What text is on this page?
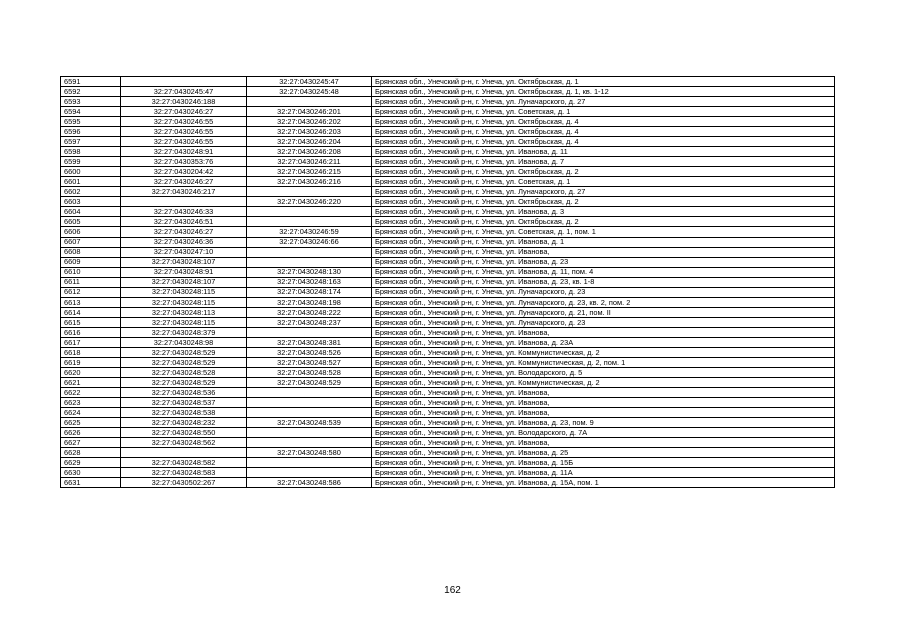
6591		32:27:0430245:47	Брянская обл., Унечский р-н, г. Унеча, ул. Октябрьская, д. 1
6592	32:27:0430245:47	32:27:0430245:48	Брянская обл., Унечский р-н, г. Унеча, ул. Октябрьская, д. 1, кв. 1-12
6593	32:27:0430246:188		Брянская обл., Унечский р-н, г. Унеча, ул. Луначарского, д. 27
6594	32:27:0430246:27	32:27:0430246:201	Брянская обл., Унечский р-н, г. Унеча, ул. Советская, д. 1
6595	32:27:0430246:55	32:27:0430246:202	Брянская обл., Унечский р-н, г. Унеча, ул. Октябрьская, д. 4
6596	32:27:0430246:55	32:27:0430246:203	Брянская обл., Унечский р-н, г. Унеча, ул. Октябрьская, д. 4
6597	32:27:0430246:55	32:27:0430246:204	Брянская обл., Унечский р-н, г. Унеча, ул. Октябрьская, д. 4
6598	32:27:0430248:91	32:27:0430246:208	Брянская обл., Унечский р-н, г. Унеча, ул. Иванова, д. 11
6599	32:27:0430353:76	32:27:0430246:211	Брянская обл., Унечский р-н, г. Унеча, ул. Иванова, д. 7
6600	32:27:0430204:42	32:27:0430246:215	Брянская обл., Унечский р-н, г. Унеча, ул. Октябрьская, д. 2
6601	32:27:0430246:27	32:27:0430246:216	Брянская обл., Унечский р-н, г. Унеча, ул. Советская, д. 1
6602	32:27:0430246:217		Брянская обл., Унечский р-н, г. Унеча, ул. Луначарского, д. 27
6603		32:27:0430246:220	Брянская обл., Унечский р-н, г. Унеча, ул. Октябрьская, д. 2
6604	32:27:0430246:33		Брянская обл., Унечский р-н, г. Унеча, ул. Иванова, д. 3
6605	32:27:0430246:51		Брянская обл., Унечский р-н, г. Унеча, ул. Октябрьская, д. 2
6606	32:27:0430246:27	32:27:0430246:59	Брянская обл., Унечский р-н, г. Унеча, ул. Советская, д. 1, пом. 1
6607	32:27:0430246:36	32:27:0430246:66	Брянская обл., Унечский р-н, г. Унеча, ул. Иванова, д. 1
6608	32:27:0430247:10		Брянская обл., Унечский р-н, г. Унеча, ул. Иванова,
6609	32:27:0430248:107		Брянская обл., Унечский р-н, г. Унеча, ул. Иванова, д. 23
6610	32:27:0430248:91	32:27:0430248:130	Брянская обл., Унечский р-н, г. Унеча, ул. Иванова, д. 11, пом. 4
6611	32:27:0430248:107	32:27:0430248:163	Брянская обл., Унечский р-н, г. Унеча, ул. Иванова, д. 23, кв. 1-8
6612	32:27:0430248:115	32:27:0430248:174	Брянская обл., Унечский р-н, г. Унеча, ул. Луначарского, д. 23
6613	32:27:0430248:115	32:27:0430248:198	Брянская обл., Унечский р-н, г. Унеча, ул. Луначарского, д. 23, кв. 2, пом. 2
6614	32:27:0430248:113	32:27:0430248:222	Брянская обл., Унечский р-н, г. Унеча, ул. Луначарского, д. 21, пом. II
6615	32:27:0430248:115	32:27:0430248:237	Брянская обл., Унечский р-н, г. Унеча, ул. Луначарского, д. 23
6616	32:27:0430248:379		Брянская обл., Унечский р-н, г. Унеча, ул. Иванова,
6617	32:27:0430248:98	32:27:0430248:381	Брянская обл., Унечский р-н, г. Унеча, ул. Иванова, д. 23А
6618	32:27:0430248:529	32:27:0430248:526	Брянская обл., Унечский р-н, г. Унеча, ул. Коммунистическая, д. 2
6619	32:27:0430248:529	32:27:0430248:527	Брянская обл., Унечский р-н, г. Унеча, ул. Коммунистическая, д. 2, пом. 1
6620	32:27:0430248:528	32:27:0430248:528	Брянская обл., Унечский р-н, г. Унеча, ул. Володарского, д. 5
6621	32:27:0430248:529	32:27:0430248:529	Брянская обл., Унечский р-н, г. Унеча, ул. Коммунистическая, д. 2
6622	32:27:0430248:536		Брянская обл., Унечский р-н, г. Унеча, ул. Иванова,
6623	32:27:0430248:537		Брянская обл., Унечский р-н, г. Унеча, ул. Иванова,
6624	32:27:0430248:538		Брянская обл., Унечский р-н, г. Унеча, ул. Иванова,
6625	32:27:0430248:232	32:27:0430248:539	Брянская обл., Унечский р-н, г. Унеча, ул. Иванова, д. 23, пом. 9
6626	32:27:0430248:550		Брянская обл., Унечский р-н, г. Унеча, ул. Володарского, д. 7А
6627	32:27:0430248:562		Брянская обл., Унечский р-н, г. Унеча, ул. Иванова,
6628		32:27:0430248:580	Брянская обл., Унечский р-н, г. Унеча, ул. Иванова, д. 25
6629	32:27:0430248:582		Брянская обл., Унечский р-н, г. Унеча, ул. Иванова, д. 15Б
6630	32:27:0430248:583		Брянская обл., Унечский р-н, г. Унеча, ул. Иванова, д. 11А
6631	32:27:0430502:267	32:27:0430248:586	Брянская обл., Унечский р-н, г. Унеча, ул. Иванова, д. 15А, пом. 1
162
